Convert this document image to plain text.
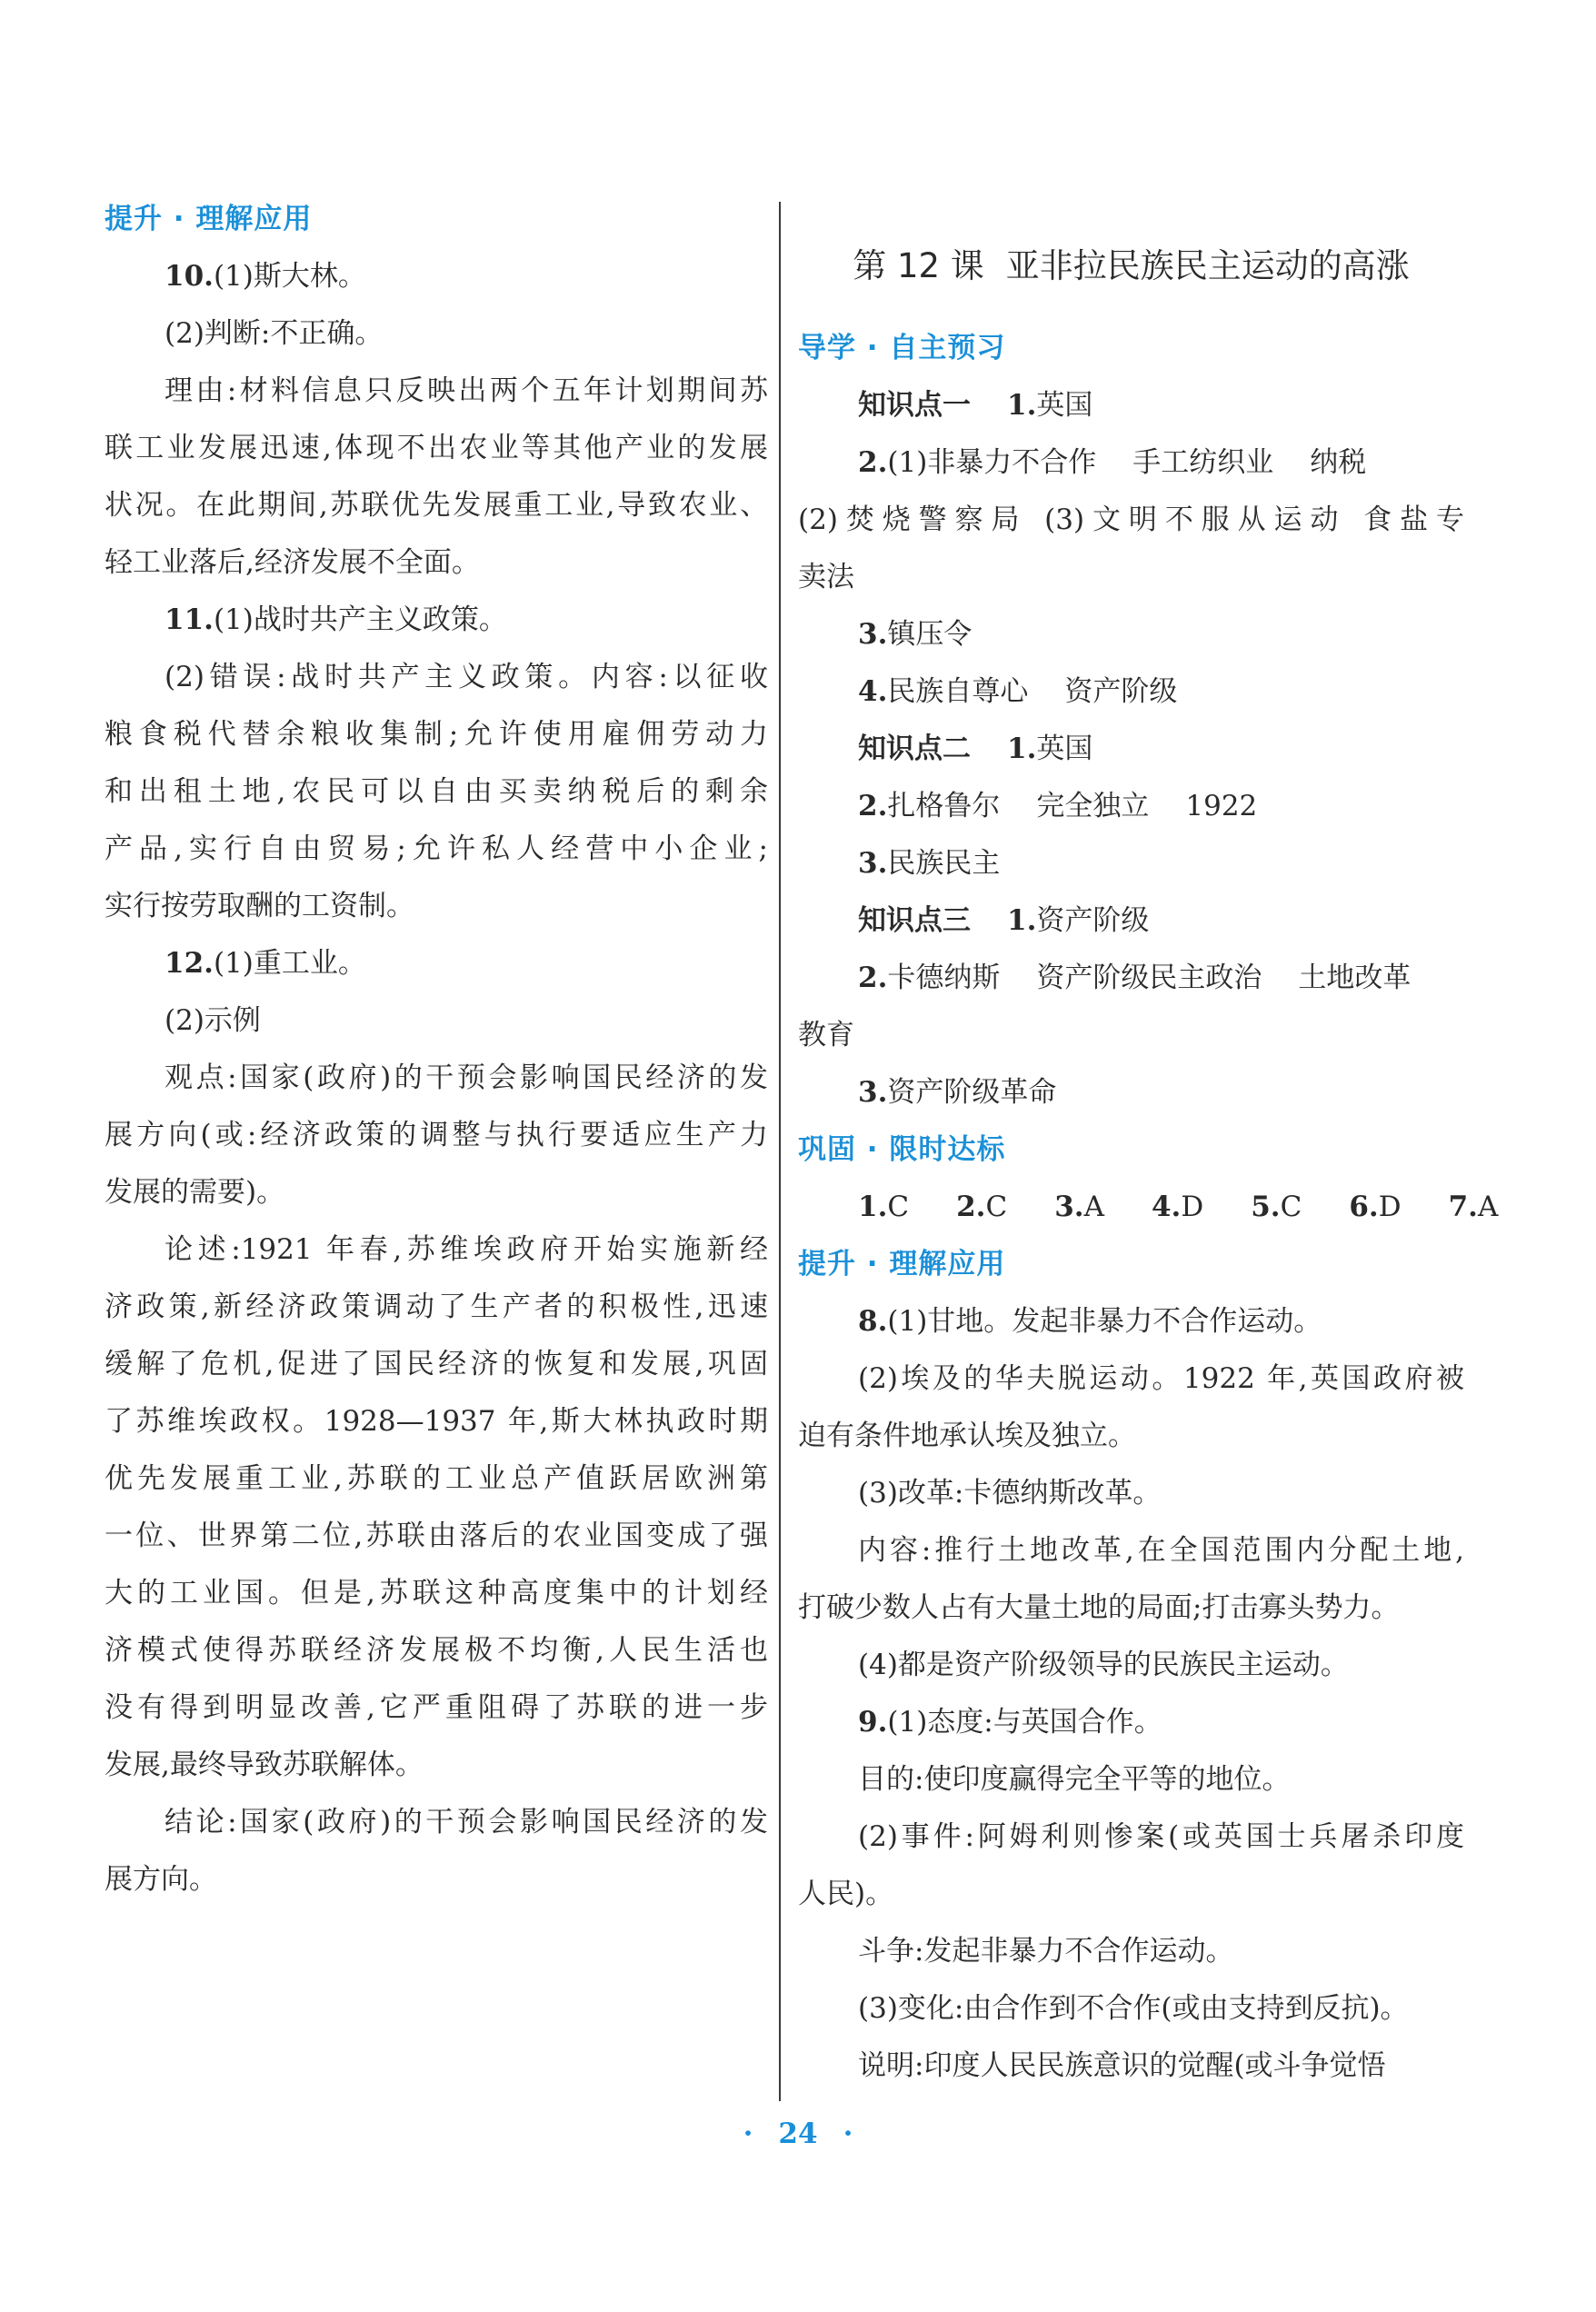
提升 · 理解应用
10.(1)斯大林。
(2)判断:不正确。
理由:材料信息只反映出两个五年计划期间苏
联工业发展迅速,体现不出农业等其他产业的发展
状况。在此期间,苏联优先发展重工业,导致农业、
轻工业落后,经济发展不全面。
11.(1)战时共产主义政策。
(2)错误:战时共产主义政策。内容:以征收
粮食税代替余粮收集制;允许使用雇佣劳动力
和出租土地,农民可以自由买卖纳税后的剩余
产品,实行自由贸易;允许私人经营中小企业;
实行按劳取酬的工资制。
12.(1)重工业。
(2)示例
观点:国家(政府)的干预会影响国民经济的发
展方向(或:经济政策的调整与执行要适应生产力
发展的需要)。
论述:1921 年春,苏维埃政府开始实施新经
济政策,新经济政策调动了生产者的积极性,迅速
缓解了危机,促进了国民经济的恢复和发展,巩固
了苏维埃政权。1928—1937 年,斯大林执政时期
优先发展重工业,苏联的工业总产值跃居欧洲第
一位、世界第二位,苏联由落后的农业国变成了强
大的工业国。但是,苏联这种高度集中的计划经
济模式使得苏联经济发展极不均衡,人民生活也
没有得到明显改善,它严重阻碍了苏联的进一步
发展,最终导致苏联解体。
结论:国家(政府)的干预会影响国民经济的发
展方向。
第 12 课 亚非拉民族民主运动的高涨
导学 · 自主预习
知识点一 1.英国
2.(1)非暴力不合作 手工纺织业 纳税
(2)焚烧警察局 (3)文明不服从运动 食盐专
卖法
3.镇压令
4.民族自尊心 资产阶级
知识点二 1.英国
2.扎格鲁尔 完全独立 1922
3.民族民主
知识点三 1.资产阶级
2.卡德纳斯 资产阶级民主政治 土地改革
教育
3.资产阶级革命
巩固 · 限时达标
1.C 2.C 3.A 4.D 5.C 6.D 7.A
提升 · 理解应用
8.(1)甘地。发起非暴力不合作运动。
(2)埃及的华夫脱运动。1922 年,英国政府被
迫有条件地承认埃及独立。
(3)改革:卡德纳斯改革。
内容:推行土地改革,在全国范围内分配土地,
打破少数人占有大量土地的局面;打击寡头势力。
(4)都是资产阶级领导的民族民主运动。
9.(1)态度:与英国合作。
目的:使印度赢得完全平等的地位。
(2)事件:阿姆利则惨案(或英国士兵屠杀印度
人民)。
斗争:发起非暴力不合作运动。
(3)变化:由合作到不合作(或由支持到反抗)。
说明:印度人民民族意识的觉醒(或斗争觉悟
· 24 ·
